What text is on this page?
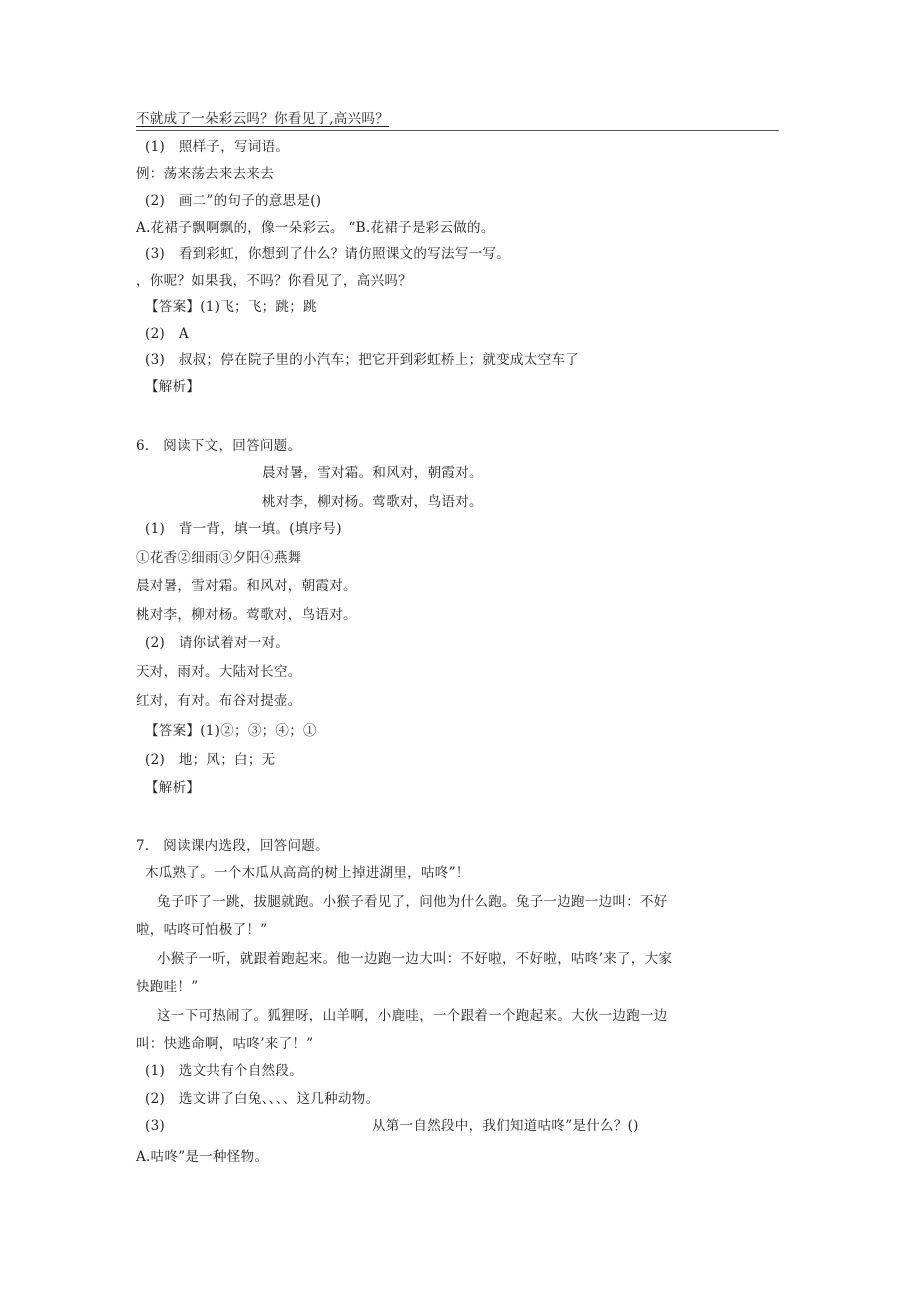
不就成了一朵彩云吗？你看见了,高兴吗？
(1)　照样子，写词语。
例：荡来荡去来去来去
(2)　画二”的句子的意思是()
A.花裙子飘啊飘的，像一朵彩云。 “B.花裙子是彩云做的。
(3)　看到彩虹，你想到了什么？请仿照课文的写法写一写。
，你呢？如果我，不吗？你看见了，高兴吗？
【答案】(1)飞；飞；跳；跳
(2)　A
(3)　叔叔；停在院子里的小汽车；把它开到彩虹桥上；就变成太空车了
【解析】
6.　阅读下文，回答问题。
晨对暑，雪对霜。和风对，朝霞对。
桃对李，柳对杨。莺歌对，鸟语对。
(1)　背一背，填一填。(填序号)
①花香②细雨③夕阳④燕舞
晨对暑，雪对霜。和风对，朝霞对。
桃对李，柳对杨。莺歌对，鸟语对。
(2)　请你试着对一对。
天对，雨对。大陆对长空。
红对，有对。布谷对提壶。
【答案】(1)②；③；④；①
(2)　地；风；白；无
【解析】
7.　阅读课内选段，回答问题。
木瓜熟了。一个木瓜从高高的树上掉进湖里，咕咚”！
兔子吓了一跳，拔腿就跑。小猴子看见了，问他为什么跑。兔子一边跑一边叫：不好
啦，咕咚可怕极了！”
小猴子一听，就跟着跑起来。他一边跑一边大叫：不好啦，不好啦，咕咚’来了，大家
快跑哇！”
这一下可热闹了。狐狸呀，山羊啊，小鹿哇，一个跟着一个跑起来。大伙一边跑一边
叫：快逃命啊，咕咚’来了！”
(1)　选文共有个自然段。
(2)　选文讲了白兔、、、、这几种动物。
(3)	从第一自然段中，我们知道咕咚”是什么？()
A.咕咚”是一种怪物。
